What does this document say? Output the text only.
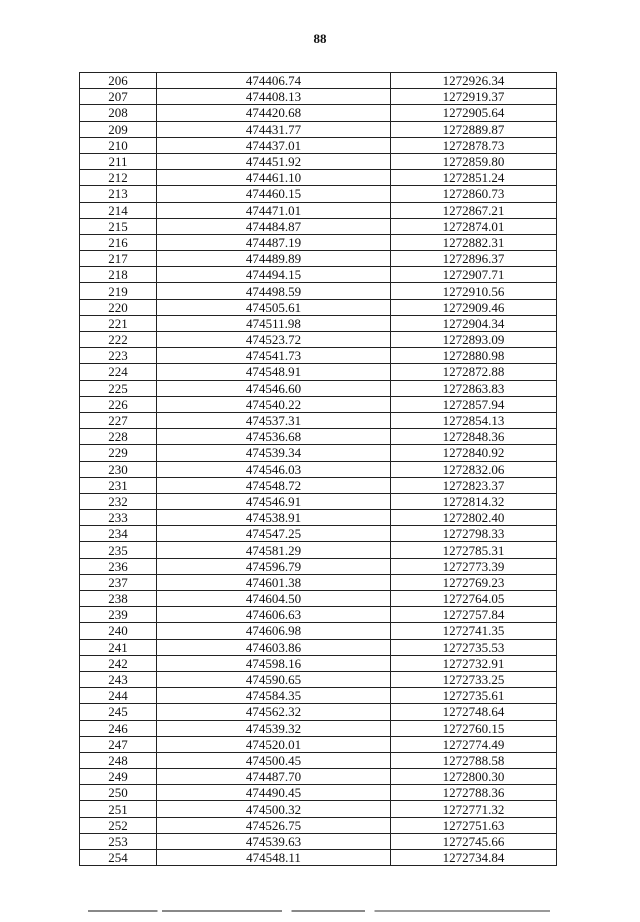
88
206	474406.74	1272926.34
207	474408.13	1272919.37
208	474420.68	1272905.64
209	474431.77	1272889.87
210	474437.01	1272878.73
211	474451.92	1272859.80
212	474461.10	1272851.24
213	474460.15	1272860.73
214	474471.01	1272867.21
215	474484.87	1272874.01
216	474487.19	1272882.31
217	474489.89	1272896.37
218	474494.15	1272907.71
219	474498.59	1272910.56
220	474505.61	1272909.46
221	474511.98	1272904.34
222	474523.72	1272893.09
223	474541.73	1272880.98
224	474548.91	1272872.88
225	474546.60	1272863.83
226	474540.22	1272857.94
227	474537.31	1272854.13
228	474536.68	1272848.36
229	474539.34	1272840.92
230	474546.03	1272832.06
231	474548.72	1272823.37
232	474546.91	1272814.32
233	474538.91	1272802.40
234	474547.25	1272798.33
235	474581.29	1272785.31
236	474596.79	1272773.39
237	474601.38	1272769.23
238	474604.50	1272764.05
239	474606.63	1272757.84
240	474606.98	1272741.35
241	474603.86	1272735.53
242	474598.16	1272732.91
243	474590.65	1272733.25
244	474584.35	1272735.61
245	474562.32	1272748.64
246	474539.32	1272760.15
247	474520.01	1272774.49
248	474500.45	1272788.58
249	474487.70	1272800.30
250	474490.45	1272788.36
251	474500.32	1272771.32
252	474526.75	1272751.63
253	474539.63	1272745.66
254	474548.11	1272734.84
